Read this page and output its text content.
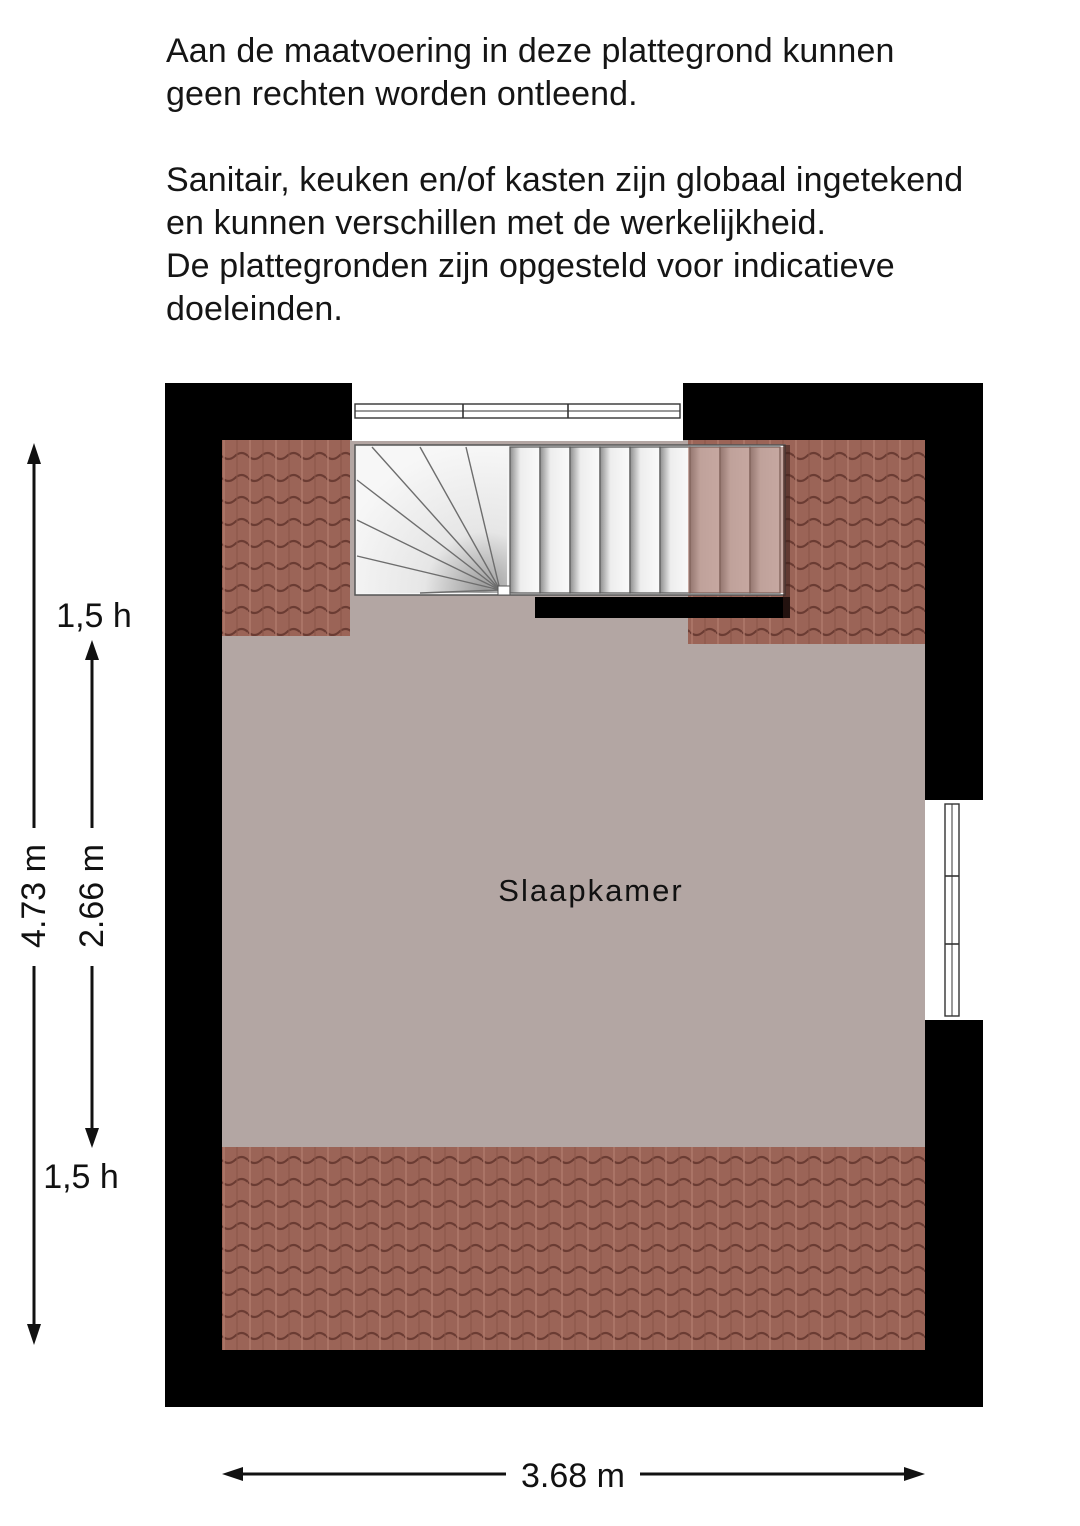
Aan de maatvoering in deze plattegrond kunnen

geen rechten worden ontleend.

Sanitair, keuken en/of kasten zijn globaal ingetekend

en kunnen verschillen met de werkelijkheid.

De plattegronden zijn opgesteld voor indicatieve

doeleinden.

Slaapkamer
4.73 m 2.66 m
1,5 h
1,5 h
3.68 m
